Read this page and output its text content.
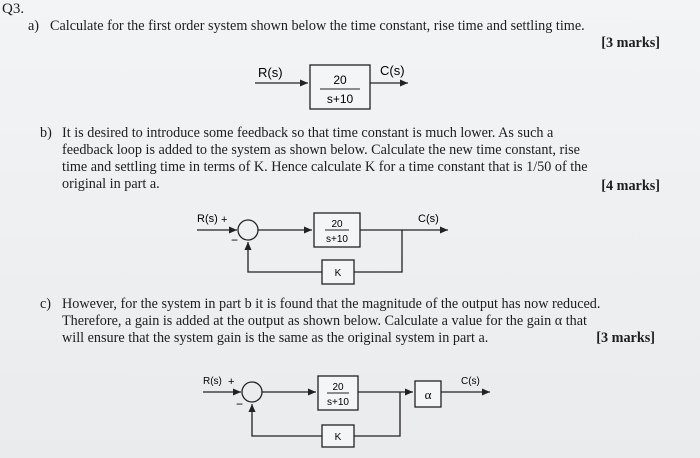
Q3.

a) Calculate for the first order system shown below the time constant, rise time and settling time.

[3 marks]

b) It is desired to introduce some feedback so that time constant is much lower. As such a
feedback loop is added to the system as shown below. Calculate the new time constant, rise
time and settling time in terms of K. Hence calculate K for a time constant that is 1/50 of the
original in part a.	[4 marks]

c) However, for the system in part b it is found that the magnitude of the output has now reduced.
Therefore, a gain is added at the output as shown below. Calculate a value for the gain α that
will ensure that the system gain is the same as the original system in part a.	[3 marks]
R(s)	20
s+10
C(s)
R(s) +
−
20
s+10
C(s)
K
R(s) +
−
20
s+10
α
C(s)
K
